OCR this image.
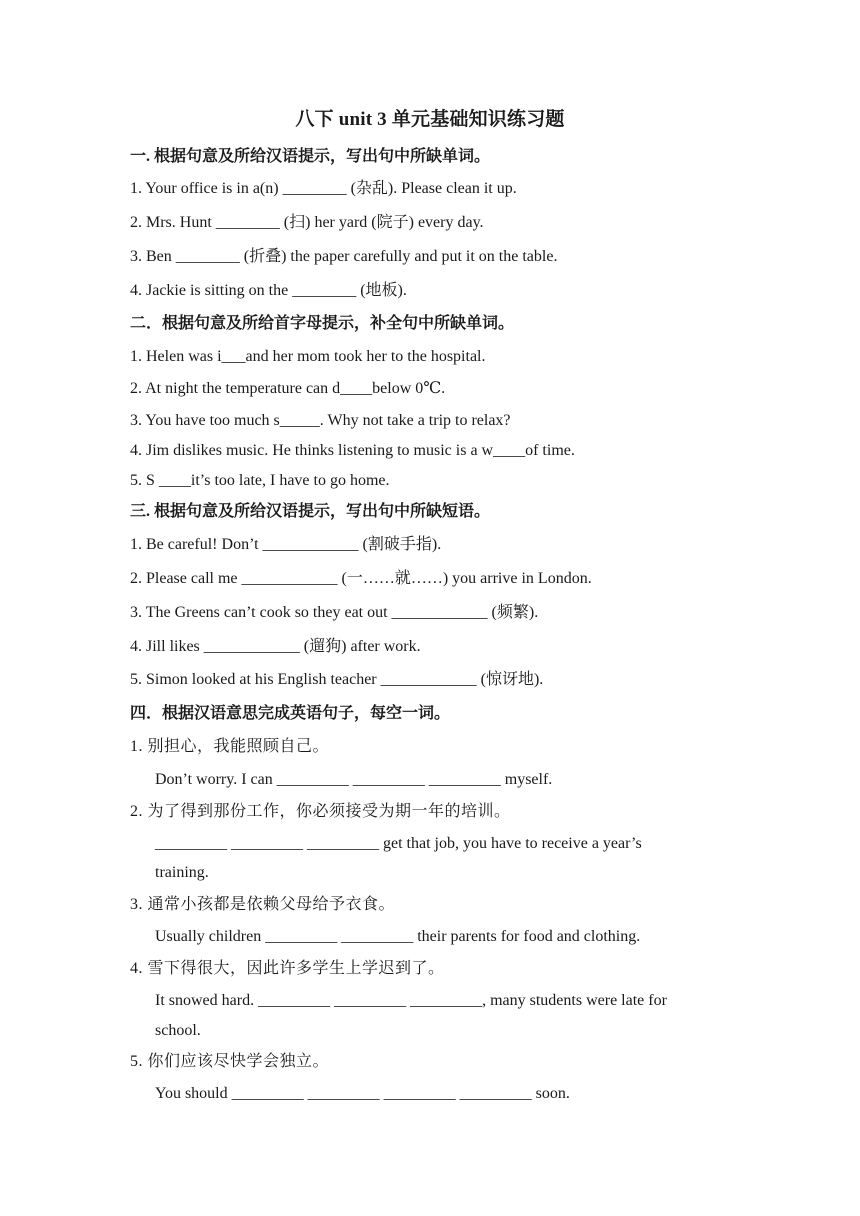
八下 unit 3 单元基础知识练习题
一. 根据句意及所给汉语提示，写出句中所缺单词。
1. Your office is in a(n) ________ (杂乱). Please clean it up.
2. Mrs. Hunt ________ (扫) her yard (院子) every day.
3. Ben ________ (折叠) the paper carefully and put it on the table.
4. Jackie is sitting on the ________ (地板).
二．根据句意及所给首字母提示，补全句中所缺单词。
1. Helen was i___and her mom took her to the hospital.
2. At night the temperature can d____below 0℃.
3. You have too much s_____. Why not take a trip to relax?
4. Jim dislikes music. He thinks listening to music is a w____of time.
5. S ____it’s too late, I have to go home.
三. 根据句意及所给汉语提示，写出句中所缺短语。
1. Be careful! Don’t ____________ (割破手指).
2. Please call me ____________ (一……就……) you arrive in London.
3. The Greens can’t cook so they eat out ____________ (频繁).
4. Jill likes ____________ (遛狗) after work.
5. Simon looked at his English teacher ____________ (惊讶地).
四．根据汉语意思完成英语句子，每空一词。
1. 别担心，我能照顾自己。
Don’t worry. I can _________ _________ _________ myself.
2. 为了得到那份工作，你必须接受为期一年的培训。
_________ _________ _________ get that job, you have to receive a year’s
training.
3. 通常小孩都是依赖父母给予衣食。
Usually children _________ _________ their parents for food and clothing.
4. 雪下得很大，因此许多学生上学迟到了。
It snowed hard. _________ _________ _________, many students were late for
school.
5. 你们应该尽快学会独立。
You should _________ _________ _________ _________ soon.
